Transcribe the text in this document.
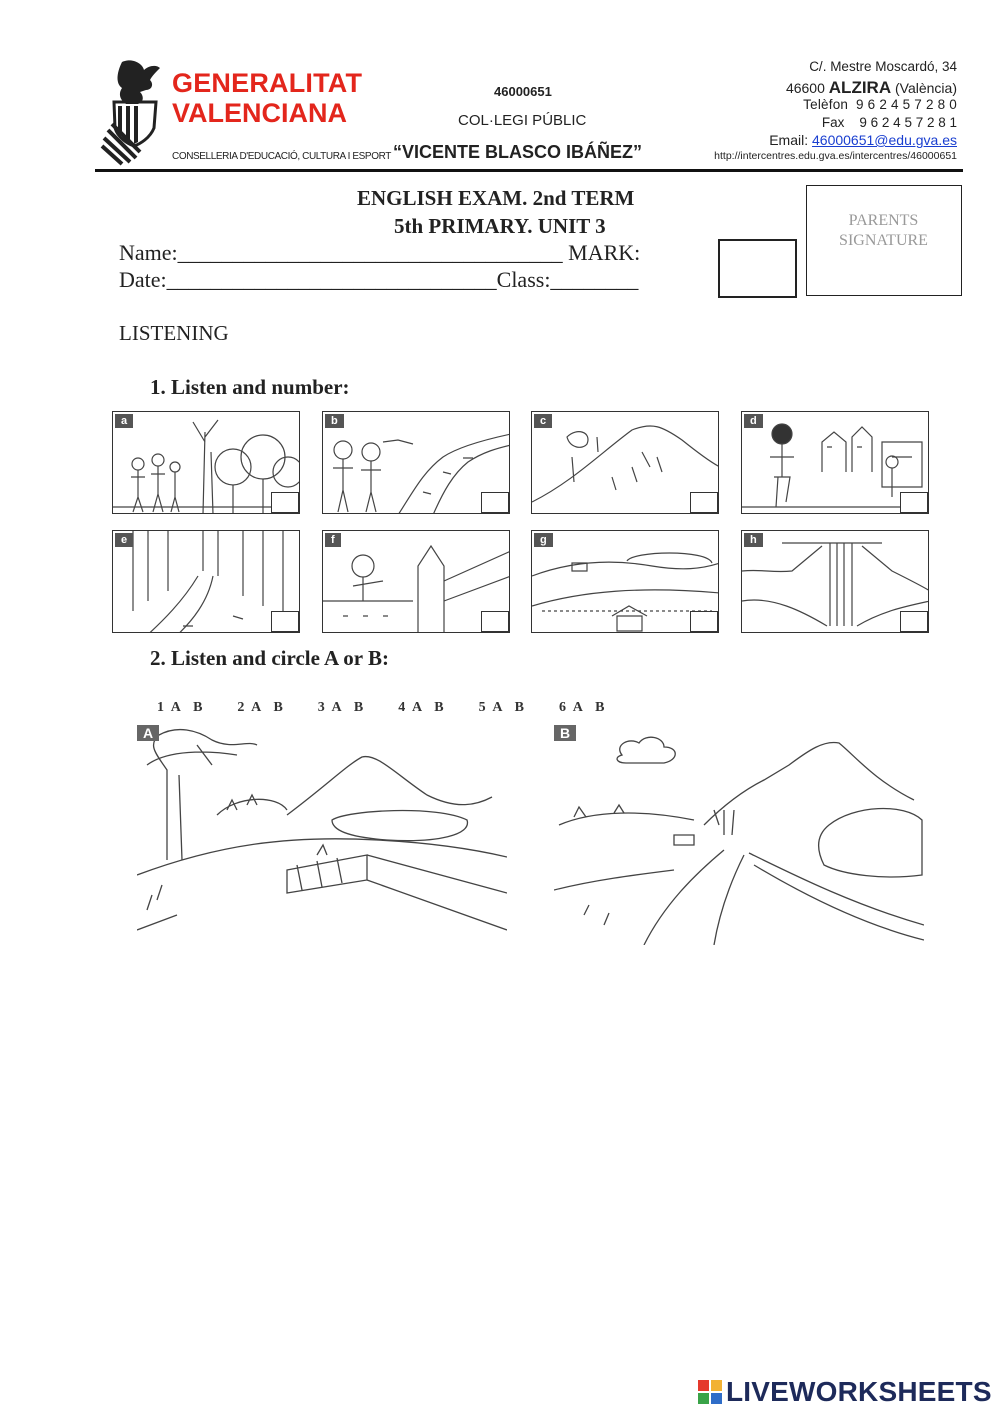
GENERALITAT
VALENCIANA
CONSELLERIA D'EDUCACIÓ, CULTURA I ESPORT
46000651
COL·LEGI PÚBLIC
“VICENTE BLASCO IBÁÑEZ”
C/. Mestre Moscardó, 34
46600 ALZIRA (València)
Telèfon 9 6 2 4 5 7 2 8 0
Fax 9 6 2 4 5 7 2 8 1
Email: 46000651@edu.gva.es
http://intercentres.edu.gva.es/intercentres/46000651
ENGLISH EXAM. 2nd TERM
5th PRIMARY. UNIT 3
Name:___________________________________ MARK:
Date:______________________________Class:________
PARENTS
SIGNATURE
LISTENING
1. Listen and number:
a	b	c	d
e	f	g	h
2. Listen and circle A or B:
1 A  B      2 A  B      3 A  B      4 A  B      5 A  B      6 A  B
A	B
LIVEWORKSHEETS
